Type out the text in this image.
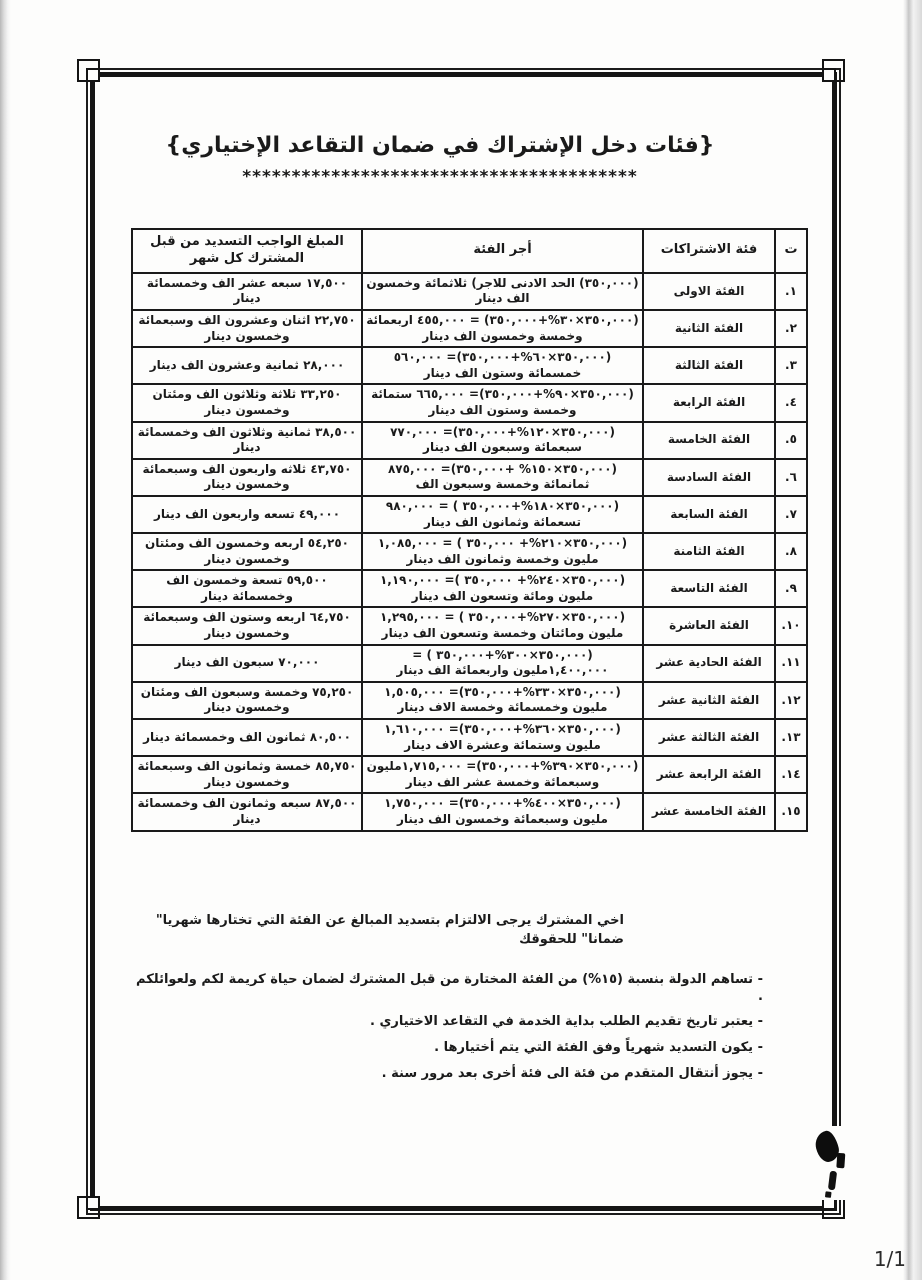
{فئات دخل الإشتراك في ضمان التقاعد الإختياري}
****************************************
ت	فئة الاشتراكات	أجر الفئة	المبلغ الواجب التسديد من قبل المشترك كل شهر
١.	الفئة الاولى	(٣٥٠,٠٠٠) الحد الادنى للاجر) ثلاثمائة وخمسون الف دينار	١٧,٥٠٠ سبعه عشر الف وخمسمائة دينار
٢.	الفئة الثانية	(٣٥٠,٠٠٠×٣٠%+٣٥٠,٠٠٠) = ٤٥٥,٠٠٠ اربعمائة وخمسة وخمسون الف دينار	٢٢,٧٥٠ اثنان وعشرون الف وسبعمائة وخمسون دينار
٣.	الفئة الثالثة	(٣٥٠,٠٠٠×٦٠%+٣٥٠,٠٠٠)= ٥٦٠,٠٠٠ خمسمائة وستون الف دينار	٢٨,٠٠٠ ثمانية وعشرون الف دينار
٤.	الفئة الرابعة	(٣٥٠,٠٠٠×٩٠%+٣٥٠,٠٠٠)= ٦٦٥,٠٠٠ ستمائة وخمسة وستون الف دينار	٣٣,٢٥٠ ثلاثة وثلاثون الف ومئتان وخمسون دينار
٥.	الفئة الخامسة	(٣٥٠,٠٠٠×١٢٠%+٣٥٠,٠٠٠)= ٧٧٠,٠٠٠ سبعمائة وسبعون الف دينار	٣٨,٥٠٠ ثمانية وثلاثون الف وخمسمائة دينار
٦.	الفئة السادسة	(٣٥٠,٠٠٠×١٥٠% +٣٥٠,٠٠٠)= ٨٧٥,٠٠٠ ثمانمائة وخمسة وسبعون الف	٤٣,٧٥٠ ثلاثه واربعون الف وسبعمائة وخمسون دينار
٧.	الفئة السابعة	(٣٥٠,٠٠٠×١٨٠%+٣٥٠,٠٠٠ ) = ٩٨٠,٠٠٠ تسعمائة وثمانون الف دينار	٤٩,٠٠٠ تسعه واربعون الف دينار
٨.	الفئة الثامنة	(٣٥٠,٠٠٠×٢١٠%+ ٣٥٠,٠٠٠ ) = ١,٠٨٥,٠٠٠ مليون وخمسة وثمانون الف دينار	٥٤,٢٥٠ اربعه وخمسون الف ومئتان وخمسون دينار
٩.	الفئة التاسعة	(٣٥٠,٠٠٠×٢٤٠%+ ٣٥٠,٠٠٠ )= ١,١٩٠,٠٠٠ مليون ومائة وتسعون الف دينار	٥٩,٥٠٠ تسعة وخمسون الف وخمسمائة دينار
١٠.	الفئة العاشرة	(٣٥٠,٠٠٠×٢٧٠%+٣٥٠,٠٠٠ ) = ١,٢٩٥,٠٠٠ مليون ومائتان وخمسة وتسعون الف دينار	٦٤,٧٥٠ اربعه وستون الف وسبعمائة وخمسون دينار
١١.	الفئة الحادية عشر	(٣٥٠,٠٠٠×٣٠٠%+٣٥٠,٠٠٠ ) = ١,٤٠٠,٠٠٠مليون واربعمائة الف دينار	٧٠,٠٠٠ سبعون الف دينار
١٢.	الفئة الثانية عشر	(٣٥٠,٠٠٠×٣٣٠%+٣٥٠,٠٠٠)= ١,٥٠٥,٠٠٠ مليون وخمسمائة وخمسة الاف دينار	٧٥,٢٥٠ وخمسة وسبعون الف ومئتان وخمسون دينار
١٣.	الفئة الثالثة عشر	(٣٥٠,٠٠٠×٣٦٠%+٣٥٠,٠٠٠)= ١,٦١٠,٠٠٠ مليون وستمائة وعشرة الاف دينار	٨٠,٥٠٠ ثمانون الف وخمسمائة دينار
١٤.	الفئة الرابعة عشر	(٣٥٠,٠٠٠×٣٩٠%+٣٥٠,٠٠٠)= ١,٧١٥,٠٠٠مليون وسبعمائة وخمسة عشر الف دينار	٨٥,٧٥٠ خمسة وثمانون الف وسبعمائة وخمسون دينار
١٥.	الفئة الخامسة عشر	(٣٥٠,٠٠٠×٤٠٠%+٣٥٠,٠٠٠)= ١,٧٥٠,٠٠٠ مليون وسبعمائة وخمسون الف دينار	٨٧,٥٠٠ سبعه وثمانون الف وخمسمائة دينار

اخي المشترك يرجى الالتزام بتسديد المبالغ عن الفئة التي تختارها شهريا" ضمانا" للحقوقك

- تساهم الدولة بنسبة (١٥%) من الفئة المختارة من قبل المشترك لضمان حياة كريمة لكم ولعوائلكم .

- يعتبر تاريخ تقديم الطلب بداية الخدمة في التقاعد الاختياري .

- يكون التسديد شهرياً وفق الفئة التي يتم أختيارها .

- يجوز أنتقال المتقدم من فئة الى فئة أخرى بعد مرور سنة .

1/1
